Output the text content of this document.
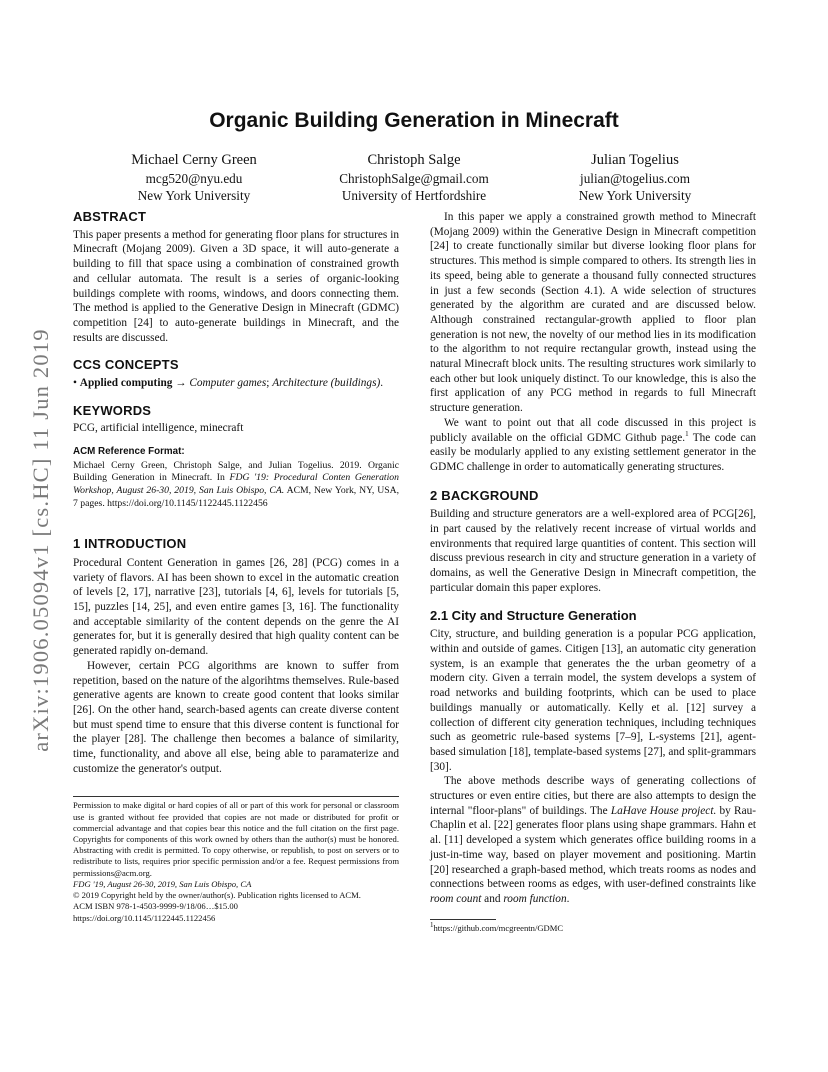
arXiv:1906.05094v1 [cs.HC] 11 Jun 2019
Organic Building Generation in Minecraft
Michael Cerny Green
mcg520@nyu.edu
New York University
Christoph Salge
ChristophSalge@gmail.com
University of Hertfordshire
Julian Togelius
julian@togelius.com
New York University
ABSTRACT

This paper presents a method for generating floor plans for structures in Minecraft (Mojang 2009). Given a 3D space, it will auto-generate a building to fill that space using a combination of constrained growth and cellular automata. The result is a series of organic-looking buildings complete with rooms, windows, and doors connecting them. The method is applied to the Generative Design in Minecraft (GDMC) competition [24] to auto-generate buildings in Minecraft, and the results are discussed.

CCS CONCEPTS

• Applied computing → Computer games; Architecture (buildings).

KEYWORDS

PCG, artificial intelligence, minecraft

ACM Reference Format:

Michael Cerny Green, Christoph Salge, and Julian Togelius. 2019. Organic Building Generation in Minecraft. In FDG '19: Procedural Conten Generation Workshop, August 26-30, 2019, San Luis Obispo, CA. ACM, New York, NY, USA, 7 pages. https://doi.org/10.1145/1122445.1122456

1 INTRODUCTION

Procedural Content Generation in games [26, 28] (PCG) comes in a variety of flavors. AI has been shown to excel in the automatic creation of levels [2, 17], narrative [23], tutorials [4, 6], levels for tutorials [5, 15], puzzles [14, 25], and even entire games [3, 16]. The functionality and acceptable similarity of the content depends on the genre the AI generates for, but it is generally desired that high quality content can be generated rapidly on-demand.

However, certain PCG algorithms are known to suffer from repetition, based on the nature of the algorihtms themselves. Rule-based generative agents are known to create good content that looks similar [26]. On the other hand, search-based agents can create diverse content but must spend time to ensure that this diverse content is functional for the player [28]. The challenge then becomes a balance of similarity, time, functionality, and above all else, being able to paramaterize and customize the generator's output.

Permission to make digital or hard copies of all or part of this work for personal or classroom use is granted without fee provided that copies are not made or distributed for profit or commercial advantage and that copies bear this notice and the full citation on the first page. Copyrights for components of this work owned by others than the author(s) must be honored. Abstracting with credit is permitted. To copy otherwise, or republish, to post on servers or to redistribute to lists, requires prior specific permission and/or a fee. Request permissions from permissions@acm.org.

FDG '19, August 26-30, 2019, San Luis Obispo, CA

© 2019 Copyright held by the owner/author(s). Publication rights licensed to ACM.

ACM ISBN 978-1-4503-9999-9/18/06…$15.00

https://doi.org/10.1145/1122445.1122456

In this paper we apply a constrained growth method to Minecraft (Mojang 2009) within the Generative Design in Minecraft competition [24] to create functionally similar but diverse looking floor plans for structures. This method is simple compared to others. Its strength lies in its speed, being able to generate a thousand fully connected structures in just a few seconds (Section 4.1). A wide selection of structures generated by the algorithm are curated and are discussed below. Although constrained rectangular-growth applied to floor plan generation is not new, the novelty of our method lies in its modification to the algorithm to not require rectangular growth, instead using the natural Minecraft block units. The resulting structures work similarly to each other but look uniquely distinct. To our knowledge, this is also the first application of any PCG method in regards to full Minecraft structure generation.

We want to point out that all code discussed in this project is publicly available on the official GDMC Github page.$^1$ The code can easily be modularly applied to any existing settlement generator in the GDMC challenge in order to automatically generating structures.

2 BACKGROUND

Building and structure generators are a well-explored area of PCG[26], in part caused by the relatively recent increase of virtual worlds and environments that required large quantities of content. This section will discuss previous research in city and structure generation in a variety of domains, as well the Generative Design in Minecraft competition, the particular domain this paper explores.

2.1 City and Structure Generation

City, structure, and building generation is a popular PCG application, within and outside of games. Citigen [13], an automatic city generation system, is an example that generates the the urban geometry of a modern city. Given a terrain model, the system develops a system of road networks and building footprints, which can be used to place buildings manually or automatically. Kelly et al. [12] survey a collection of different city generation techniques, including techniques such as geometric rule-based systems [7–9], L-systems [21], agent-based simulation [18], template-based systems [27], and split-grammars [30].

The above methods describe ways of generating collections of structures or even entire cities, but there are also attempts to design the internal "floor-plans" of buildings. The LaHave House project. by Rau-Chaplin et al. [22] generates floor plans using shape grammars. Hahn et al. [11] developed a system which generates office building rooms in a just-in-time way, based on player movement and positioning. Martin [20] researched a graph-based method, which treats rooms as nodes and connections between rooms as edges, with user-defined constraints like room count and room function.

$^1$https://github.com/mcgreentn/GDMC
